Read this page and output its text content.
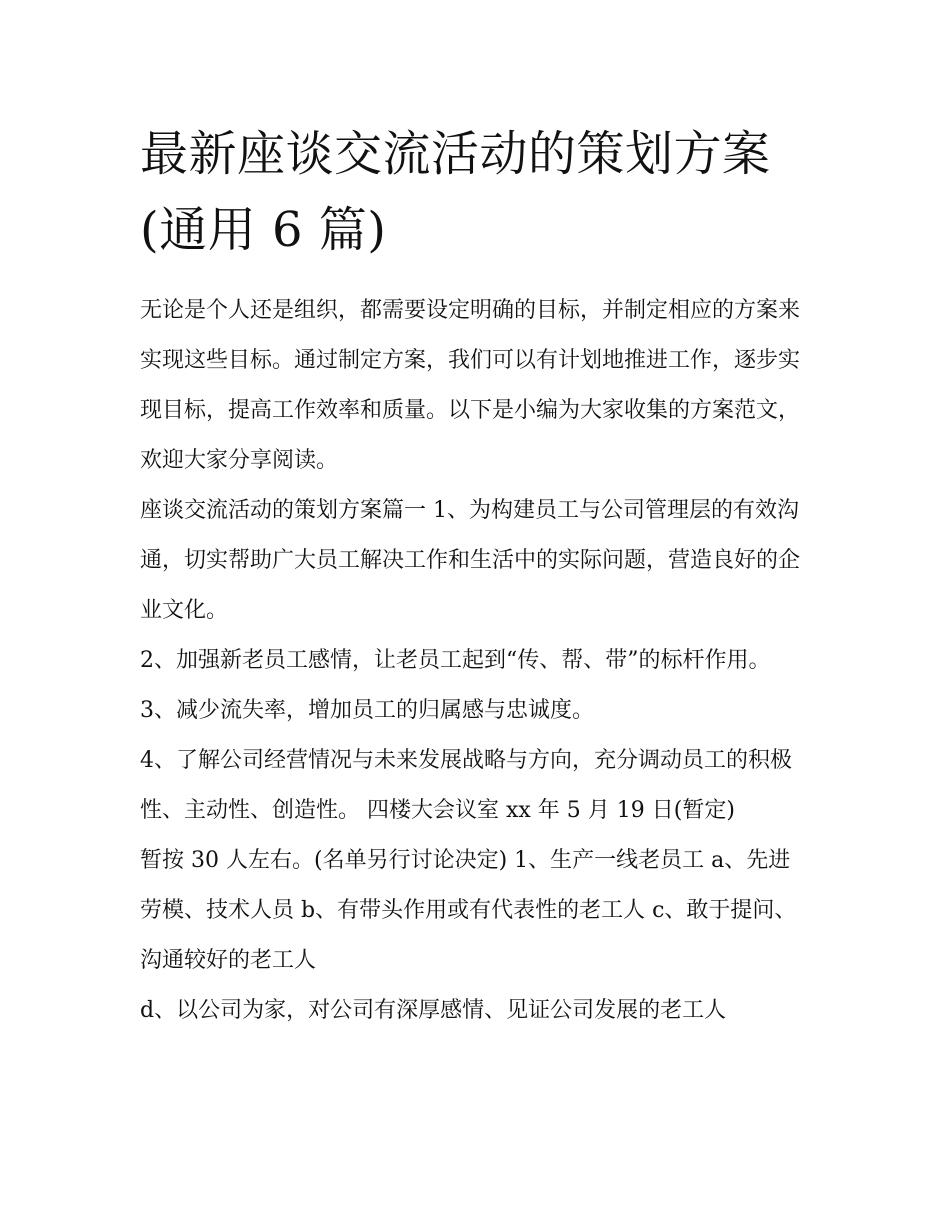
最新座谈交流活动的策划方案
(通用 6 篇)

无论是个人还是组织，都需要设定明确的目标，并制定相应的方案来实现这些目标。通过制定方案，我们可以有计划地推进工作，逐步实现目标，提高工作效率和质量。以下是小编为大家收集的方案范文，欢迎大家分享阅读。

座谈交流活动的策划方案篇一 1、为构建员工与公司管理层的有效沟通，切实帮助广大员工解决工作和生活中的实际问题，营造良好的企业文化。

2、加强新老员工感情，让老员工起到“传、帮、带”的标杆作用。 3、减少流失率，增加员工的归属感与忠诚度。

4、了解公司经营情况与未来发展战略与方向，充分调动员工的积极性、主动性、创造性。 四楼大会议室 xx 年 5 月 19 日(暂定)

暂按 30 人左右。(名单另行讨论决定) 1、生产一线老员工 a、先进劳模、技术人员 b、有带头作用或有代表性的老工人 c、敢于提问、沟通较好的老工人

d、以公司为家，对公司有深厚感情、见证公司发展的老工人
